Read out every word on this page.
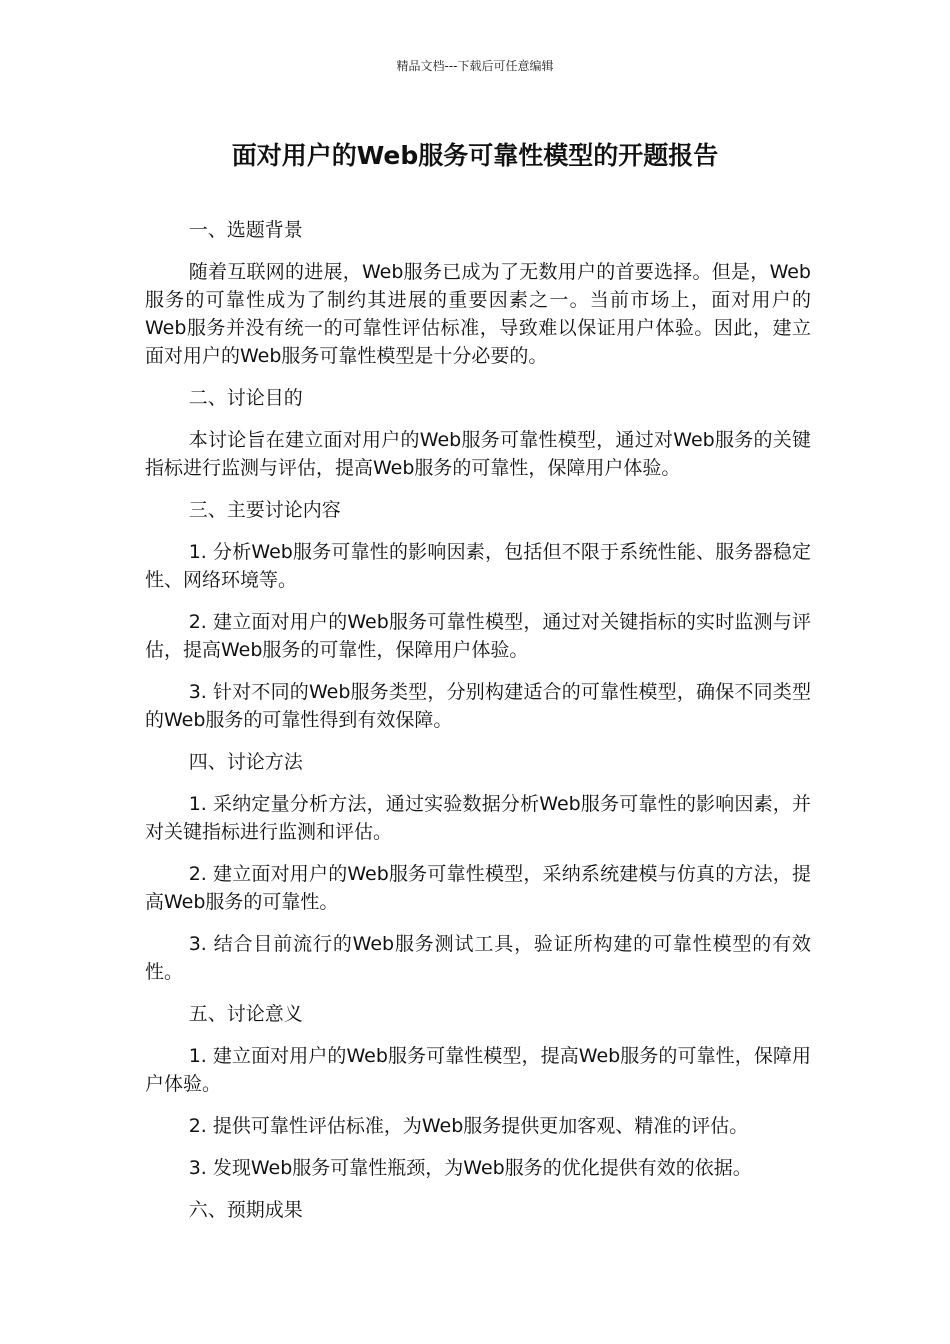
精品文档---下载后可任意编辑
面对用户的Web服务可靠性模型的开题报告

一、选题背景

随着互联网的进展，Web服务已成为了无数用户的首要选择。但是，Web服务的可靠性成为了制约其进展的重要因素之一。当前市场上，面对用户的Web服务并没有统一的可靠性评估标准，导致难以保证用户体验。因此，建立面对用户的Web服务可靠性模型是十分必要的。

二、讨论目的

本讨论旨在建立面对用户的Web服务可靠性模型，通过对Web服务的关键指标进行监测与评估，提高Web服务的可靠性，保障用户体验。

三、主要讨论内容

1. 分析Web服务可靠性的影响因素，包括但不限于系统性能、服务器稳定性、网络环境等。

2. 建立面对用户的Web服务可靠性模型，通过对关键指标的实时监测与评估，提高Web服务的可靠性，保障用户体验。

3. 针对不同的Web服务类型，分别构建适合的可靠性模型，确保不同类型的Web服务的可靠性得到有效保障。

四、讨论方法

1. 采纳定量分析方法，通过实验数据分析Web服务可靠性的影响因素，并对关键指标进行监测和评估。

2. 建立面对用户的Web服务可靠性模型，采纳系统建模与仿真的方法，提高Web服务的可靠性。

3. 结合目前流行的Web服务测试工具，验证所构建的可靠性模型的有效性。

五、讨论意义

1. 建立面对用户的Web服务可靠性模型，提高Web服务的可靠性，保障用户体验。

2. 提供可靠性评估标准，为Web服务提供更加客观、精准的评估。

3. 发现Web服务可靠性瓶颈，为Web服务的优化提供有效的依据。

六、预期成果
